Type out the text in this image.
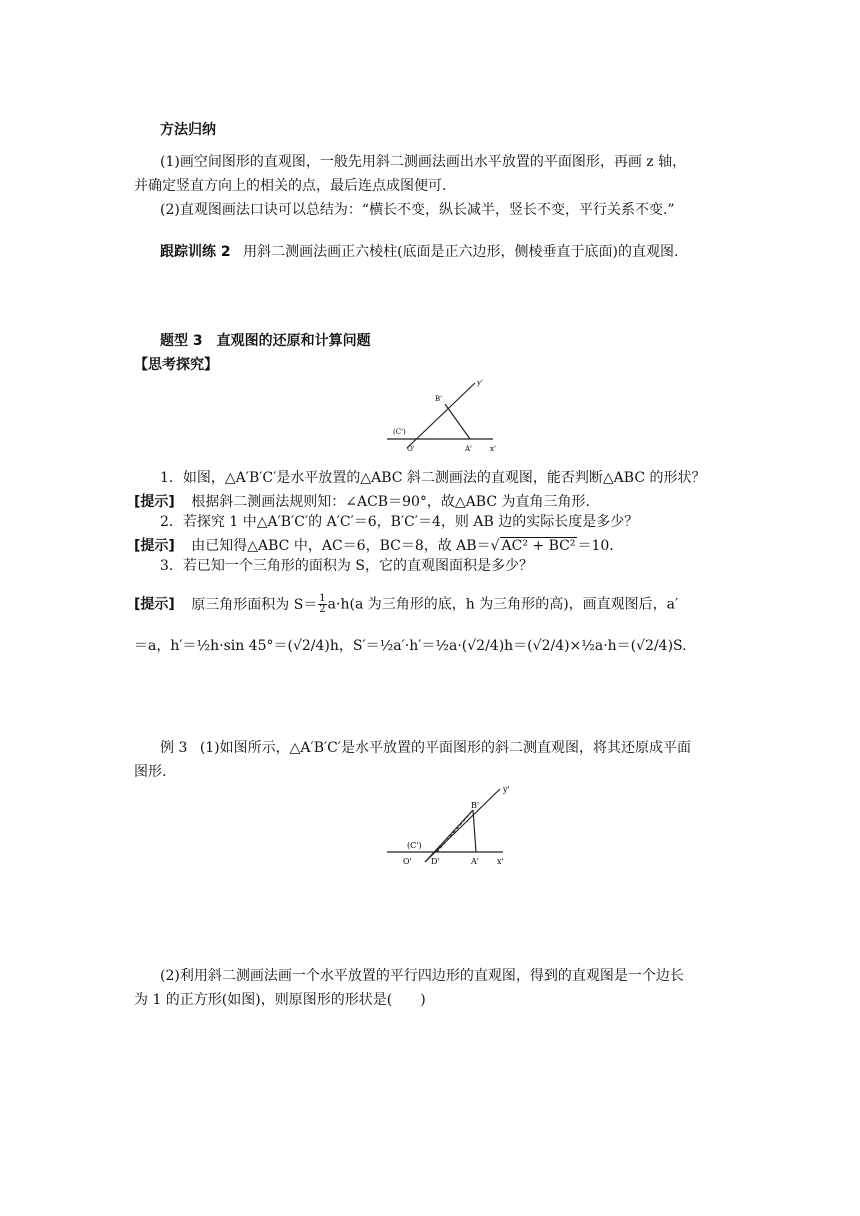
方法归纳
(1)画空间图形的直观图，一般先用斜二测画法画出水平放置的平面图形，再画 z 轴，
并确定竖直方向上的相关的点，最后连点成图便可.
(2)直观图画法口诀可以总结为：“横长不变，纵长减半，竖长不变，平行关系不变.”
跟踪训练 2 用斜二测画法画正六棱柱(底面是正六边形，侧棱垂直于底面)的直观图.
题型 3　直观图的还原和计算问题
【思考探究】
y'
B'
(C')
O'	A'	x'
1．如图，△A′B′C′是水平放置的△ABC 斜二测画法的直观图，能否判断△ABC 的形状？
[提示] 根据斜二测画法规则知：∠ACB＝90°，故△ABC 为直角三角形.
2．若探究 1 中△A′B′C′的 A′C′＝6，B′C′＝4，则 AB 边的实际长度是多少？
[提示] 由已知得△ABC 中，AC＝6，BC＝8，故 AB＝√ AC² + BC² ＝10.
3．若已知一个三角形的面积为 S，它的直观图面积是多少？
[提示] 原三角形面积为 $S= \frac{1}{2} a\cdot h(a$ 为三角形的底，h 为三角形的高)，画直观图后，a′
＝a，h′＝½h·sin 45°＝(√2/4)h，S′＝½a′·h′＝½a·(√2/4)h＝(√2/4)×½a·h＝(√2/4)S.
例 3 (1)如图所示，△A′B′C′是水平放置的平面图形的斜二测直观图，将其还原成平面
图形.
y'
B'
(C')
O' D'	A' x'
(2)利用斜二测画法画一个水平放置的平行四边形的直观图，得到的直观图是一个边长
为 1 的正方形(如图)，则原图形的形状是(　　)
